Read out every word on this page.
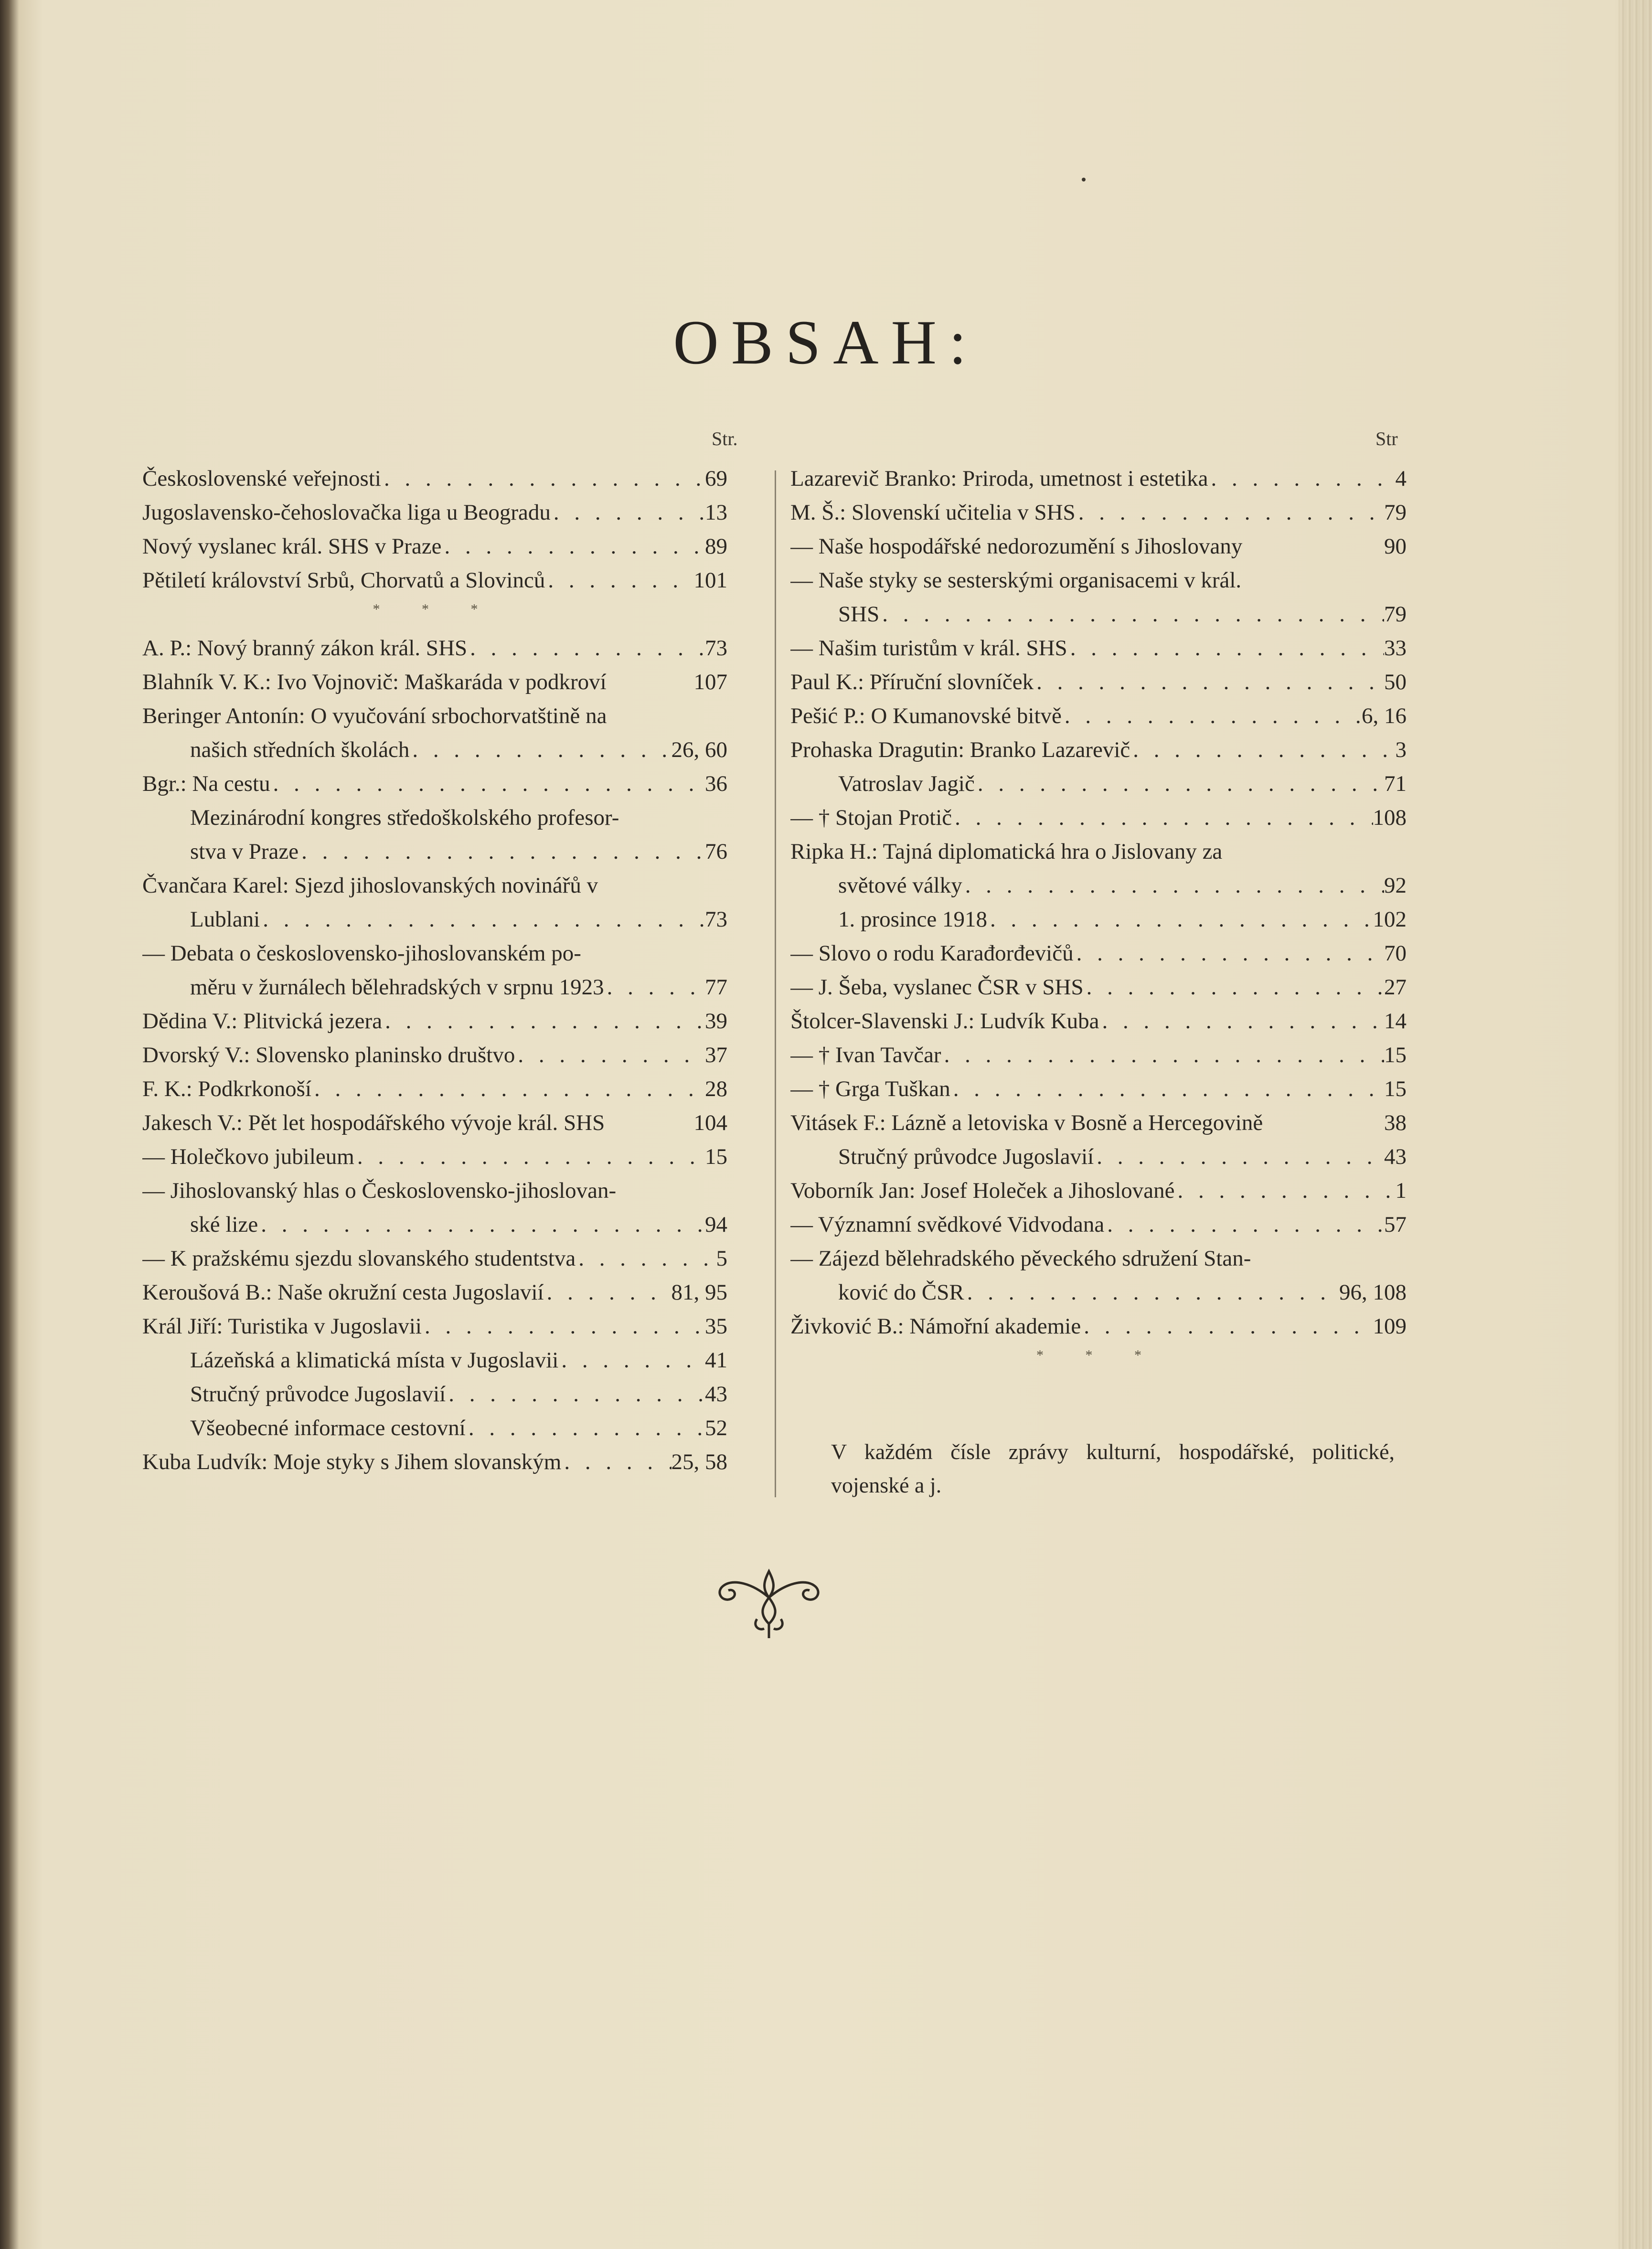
OBSAH:
Str.	Str
Československé veřejnosti . . .	69
Jugoslavensko-čehoslovačka liga u Beogradu . . .	13
Nový vyslanec král. SHS v Praze . . .	89
Pětiletí království Srbů, Chorvatů a Slovinců . . .	101
* * *
A. P.: Nový branný zákon král. SHS . . .	73
Blahník V. K.: Ivo Vojnovič: Maškaráda v podkroví	107
Beringer Antonín: O vyučování srbochorvatštině na
našich středních školách . . .	26, 60
Bgr.: Na cestu . . .	36
Mezinárodní kongres středoškolského profesor-
stva v Praze . . .	76
Čvančara Karel: Sjezd jihoslovanských novinářů v
Lublani . . .	73
— Debata o československo-jihoslovanském po-
měru v žurnálech bělehradských v srpnu 1923 . . .	77
Dědina V.: Plitvická jezera . . .	39
Dvorský V.: Slovensko planinsko društvo . . .	37
F. K.: Podkrkonoší . . .	28
Jakesch V.: Pět let hospodářského vývoje král. SHS	104
— Holečkovo jubileum . . .	15
— Jihoslovanský hlas o Československo-jihoslovan-
ské lize . . .	94
— K pražskému sjezdu slovanského studentstva . . .	5
Keroušová B.: Naše okružní cesta Jugoslavií . . .	81, 95
Král Jiří: Turistika v Jugoslavii . . .	35
Lázeňská a klimatická místa v Jugoslavii . . .	41
Stručný průvodce Jugoslavií . . .	43
Všeobecné informace cestovní . . .	52
Kuba Ludvík: Moje styky s Jihem slovanským . . .	25, 58
Lazarevič Branko: Priroda, umetnost i estetika . . .	4
M. Š.: Slovenskí učitelia v SHS . . .	79
— Naše hospodářské nedorozumění s Jihoslovany	90
— Naše styky se sesterskými organisacemi v král.
SHS . . .	79
— Našim turistům v král. SHS . . .	33
Paul K.: Příruční slovníček . . .	50
Pešić P.: O Kumanovské bitvě . . .	6, 16
Prohaska Dragutin: Branko Lazarevič . . .	3
Vatroslav Jagič . . .	71
— † Stojan Protič . . .	108
Ripka H.: Tajná diplomatická hra o Jislovany za
světové války . . .	92
1. prosince 1918 . . .	102
— Slovo o rodu Karađorđevičů . . .	70
— J. Šeba, vyslanec ČSR v SHS . . .	27
Štolcer-Slavenski J.: Ludvík Kuba . . .	14
— † Ivan Tavčar . . .	15
— † Grga Tuškan . . .	15
Vitásek F.: Lázně a letoviska v Bosně a Hercegovině	38
Stručný průvodce Jugoslavií . . .	43
Voborník Jan: Josef Holeček a Jihoslované . . .	1
— Významní svědkové Vidvodana . . .	57
— Zájezd bělehradského pěveckého sdružení Stan-
ković do ČSR . . .	96, 108
Živković B.: Námořní akademie . . .	109
* * *
V každém čísle zprávy kulturní, hospodářské, politické, vojenské a j.
